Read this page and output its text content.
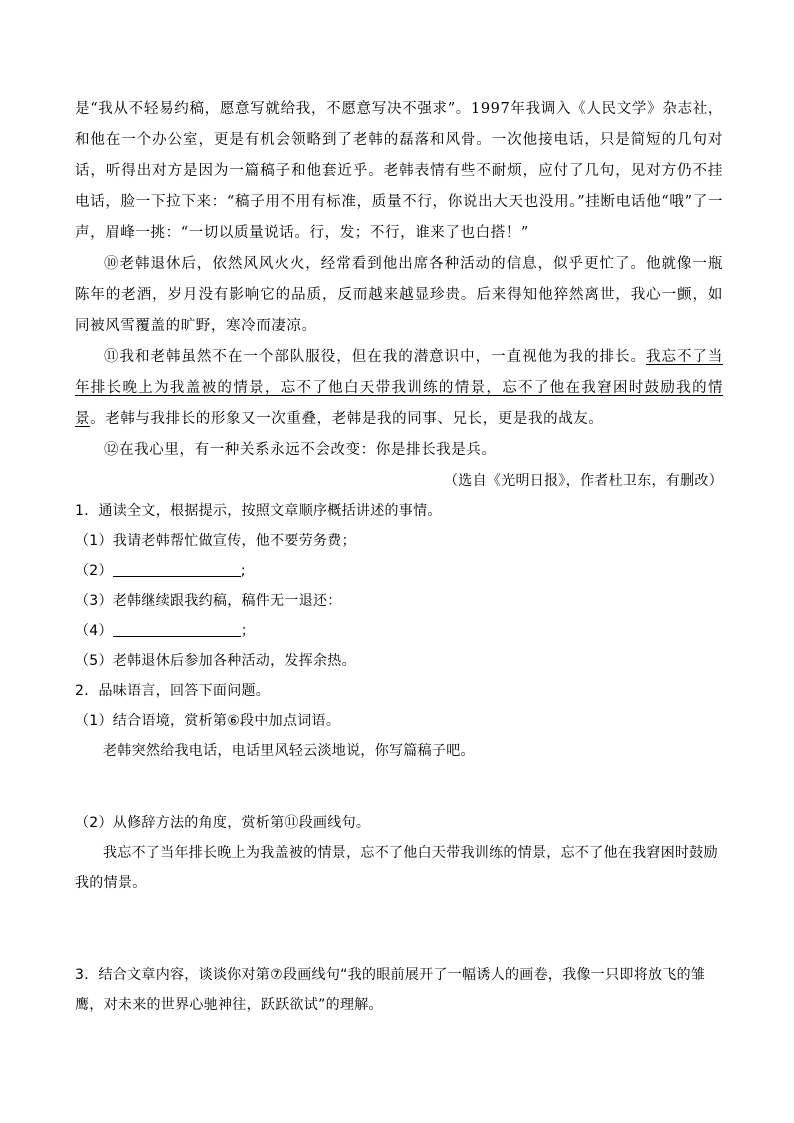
是“我从不轻易约稿，愿意写就给我，不愿意写决不强求”。1997年我调入《人民文学》杂志社，和他在一个办公室，更是有机会领略到了老韩的磊落和风骨。一次他接电话，只是简短的几句对话，听得出对方是因为一篇稿子和他套近乎。老韩表情有些不耐烦，应付了几句，见对方仍不挂电话，脸一下拉下来：“稿子用不用有标准，质量不行，你说出大天也没用。”挂断电话他“哦”了一声，眉峰一挑：“一切以质量说话。行，发；不行，谁来了也白搭！”

⑩老韩退休后，依然风风火火，经常看到他出席各种活动的信息，似乎更忙了。他就像一瓶陈年的老酒，岁月没有影响它的品质，反而越来越显珍贵。后来得知他猝然离世，我心一颤，如同被风雪覆盖的旷野，寒冷而凄凉。

⑪我和老韩虽然不在一个部队服役，但在我的潜意识中，一直视他为我的排长。我忘不了当年排长晚上为我盖被的情景，忘不了他白天带我训练的情景，忘不了他在我窘困时鼓励我的情景。老韩与我排长的形象又一次重叠，老韩是我的同事、兄长，更是我的战友。

⑫在我心里，有一种关系永远不会改变：你是排长我是兵。

（选自《光明日报》，作者杜卫东，有删改）

1．通读全文，根据提示，按照文章顺序概括讲述的事情。

（1）我请老韩帮忙做宣传，他不要劳务费；

（2）	;

（3）老韩继续跟我约稿，稿件无一退还：

（4）	；

（5）老韩退休后参加各种活动，发挥余热。

2．品味语言，回答下面问题。

（1）结合语境，赏析第⑥段中加点词语。

老韩突然给我电话，电话里风轻云淡地说，你写篇稿子吧。

（2）从修辞方法的角度，赏析第⑪段画线句。

我忘不了当年排长晚上为我盖被的情景，忘不了他白天带我训练的情景，忘不了他在我窘困时鼓励我的情景。

3．结合文章内容，谈谈你对第⑦段画线句“我的眼前展开了一幅诱人的画卷，我像一只即将放飞的雏鹰，对未来的世界心驰神往，跃跃欲试”的理解。
